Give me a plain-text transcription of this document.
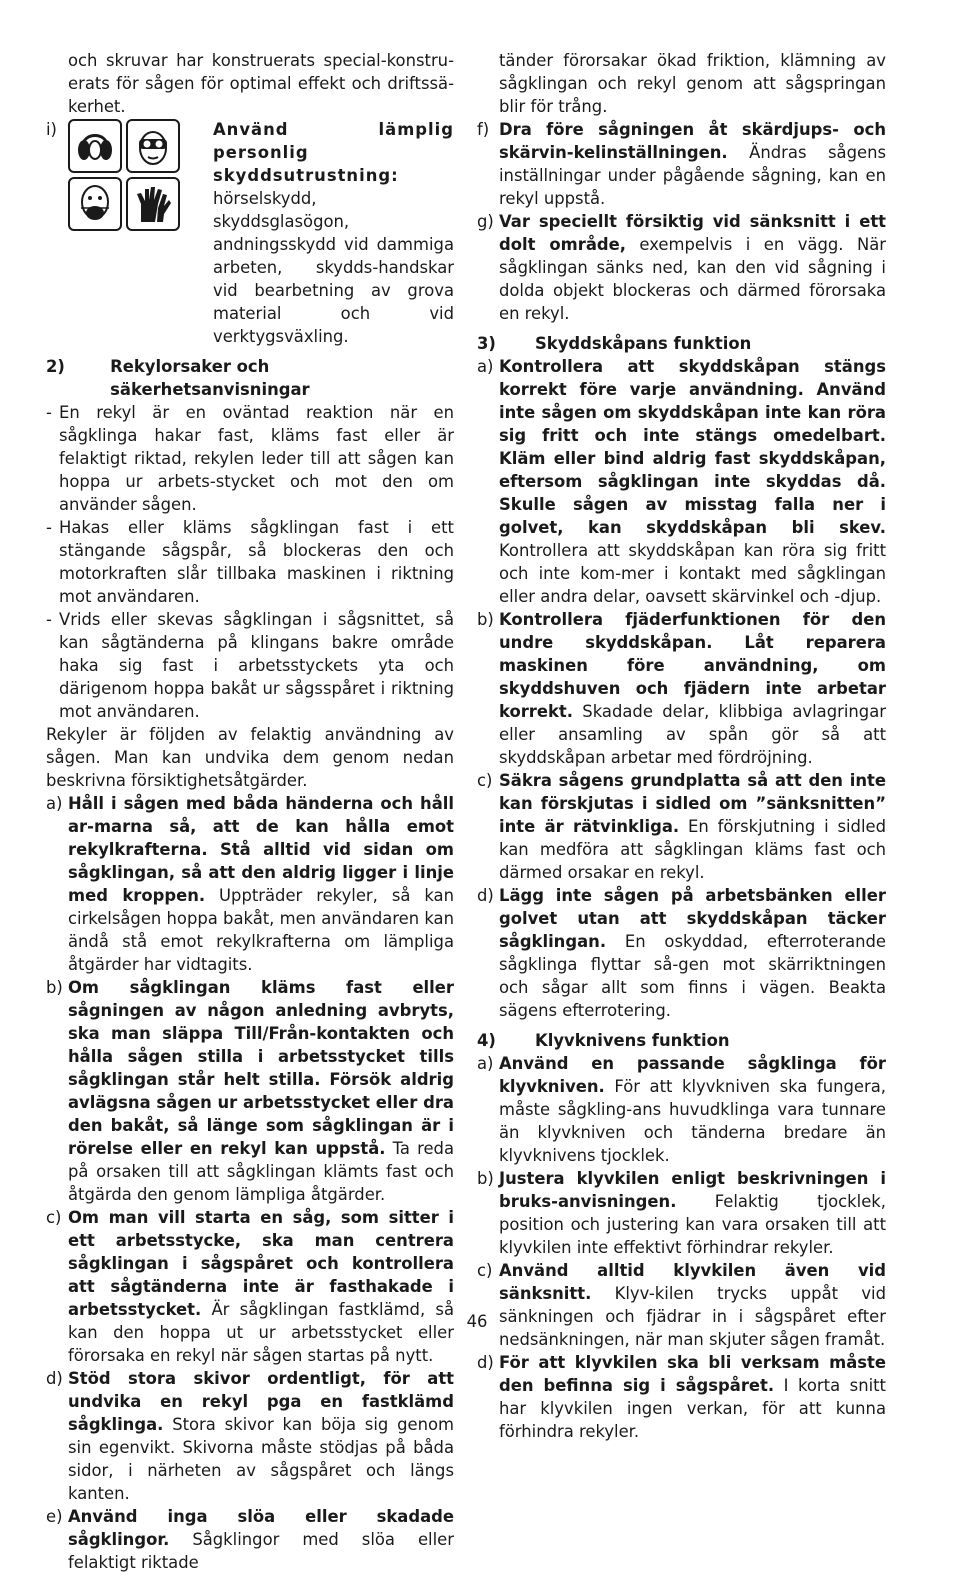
och skruvar har konstruerats special-konstru-erats för sågen för optimal effekt och driftssä-kerhet.

i)	Använd lämplig personlig skyddsutrustning: hörselskydd, skyddsglasögon, andningsskydd vid dammiga arbeten, skydds-handskar vid bearbetning av grova material och vid verktygsväxling.

2)	Rekylorsaker och säkerhetsanvisningar
- En rekyl är en oväntad reaktion när en sågklinga hakar fast, kläms fast eller är felaktigt riktad, rekylen leder till att sågen kan hoppa ur arbets-stycket och mot den om använder sågen.
- Hakas eller kläms sågklingan fast i ett stängande sågspår, så blockeras den och motorkraften slår tillbaka maskinen i riktning mot användaren.
- Vrids eller skevas sågklingan i sågsnittet, så kan sågtänderna på klingans bakre område haka sig fast i arbetsstyckets yta och därigenom hoppa bakåt ur sågsspåret i riktning mot användaren.

Rekyler är följden av felaktig användning av sågen. Man kan undvika dem genom nedan beskrivna försiktighetsåtgärder.

a) Håll i sågen med båda händerna och håll ar-marna så, att de kan hålla emot rekylkrafterna. Stå alltid vid sidan om sågklingan, så att den aldrig ligger i linje med kroppen. Uppträder rekyler, så kan cirkelsågen hoppa bakåt, men användaren kan ändå stå emot rekylkrafterna om lämpliga åtgärder har vidtagits.
b) Om sågklingan kläms fast eller sågningen av någon anledning avbryts, ska man släppa Till/Från-kontakten och hålla sågen stilla i arbetsstycket tills sågklingan står helt stilla. Försök aldrig avlägsna sågen ur arbetsstycket eller dra den bakåt, så länge som sågklingan är i rörelse eller en rekyl kan uppstå. Ta reda på orsaken till att sågklingan klämts fast och åtgärda den genom lämpliga åtgärder.
c) Om man vill starta en såg, som sitter i ett arbetsstycke, ska man centrera sågklingan i sågspåret och kontrollera att sågtänderna inte är fasthakade i arbetsstycket. Är sågklingan fastklämd, så kan den hoppa ut ur arbetsstycket eller förorsaka en rekyl när sågen startas på nytt.
d) Stöd stora skivor ordentligt, för att undvika en rekyl pga en fastklämd sågklinga. Stora skivor kan böja sig genom sin egenvikt. Skivorna måste stödjas på båda sidor, i närheten av sågspåret och längs kanten.
e) Använd inga slöa eller skadade sågklingor. Sågklingor med slöa eller felaktigt riktade

tänder förorsakar ökad friktion, klämning av sågklingan och rekyl genom att sågspringan blir för trång.

f) Dra före sågningen åt skärdjups- och skärvin-kelinställningen. Ändras sågens inställningar under pågående sågning, kan en rekyl uppstå.
g) Var speciellt försiktig vid sänksnitt i ett dolt område, exempelvis i en vägg. När sågklingan sänks ned, kan den vid sågning i dolda objekt blockeras och därmed förorsaka en rekyl.
3)	Skyddskåpans funktion
a) Kontrollera att skyddskåpan stängs korrekt före varje användning. Använd inte sågen om skyddskåpan inte kan röra sig fritt och inte stängs omedelbart. Kläm eller bind aldrig fast skyddskåpan, eftersom sågklingan inte skyddas då. Skulle sågen av misstag falla ner i golvet, kan skyddskåpan bli skev. Kontrollera att skyddskåpan kan röra sig fritt och inte kom-mer i kontakt med sågklingan eller andra delar, oavsett skärvinkel och -djup.
b) Kontrollera fjäderfunktionen för den undre skyddskåpan. Låt reparera maskinen före användning, om skyddshuven och fjädern inte arbetar korrekt. Skadade delar, klibbiga avlagringar eller ansamling av spån gör så att skyddskåpan arbetar med fördröjning.
c) Säkra sågens grundplatta så att den inte kan förskjutas i sidled om ”sänksnitten” inte är rätvinkliga. En förskjutning i sidled kan medföra att sågklingan kläms fast och därmed orsakar en rekyl.
d) Lägg inte sågen på arbetsbänken eller golvet utan att skyddskåpan täcker sågklingan. En oskyddad, efterroterande sågklinga flyttar så-gen mot skärriktningen och sågar allt som finns i vägen. Beakta sägens efterrotering.
4)	Klyvknivens funktion
a) Använd en passande sågklinga för klyvkniven. För att klyvkniven ska fungera, måste sågkling-ans huvudklinga vara tunnare än klyvkniven och tänderna bredare än klyvknivens tjocklek.
b) Justera klyvkilen enligt beskrivningen i bruks-anvisningen. Felaktig tjocklek, position och justering kan vara orsaken till att klyvkilen inte effektivt förhindrar rekyler.
c) Använd alltid klyvkilen även vid sänksnitt. Klyv-kilen trycks uppåt vid sänkningen och fjädrar in i sågspåret efter nedsänkningen, när man skjuter sågen framåt.
d) För att klyvkilen ska bli verksam måste den befinna sig i sågspåret. I korta snitt har klyvkilen ingen verkan, för att kunna förhindra rekyler.
46
